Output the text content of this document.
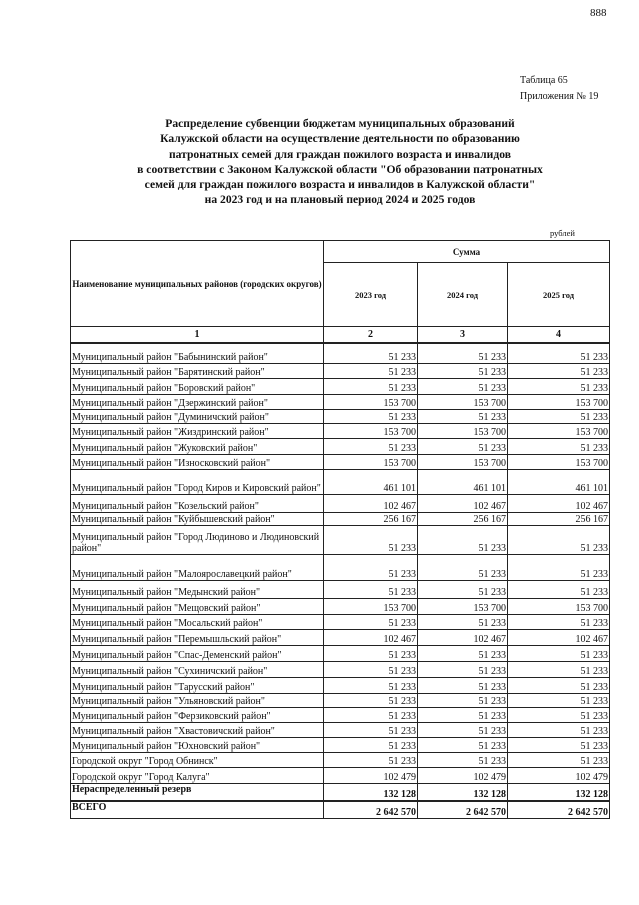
888
Таблица 65
Приложения № 19
Распределение субвенции бюджетам муниципальных образований
Калужской области на осуществление деятельности по образованию
патронатных семей для граждан пожилого возраста и инвалидов
в соответствии с Законом Калужской области "Об образовании патронатных
семей для граждан пожилого возраста и инвалидов в Калужской области"
на 2023 год и на плановый период 2024 и 2025 годов
рублей
Наименование муниципальных районов (городских округов)	Сумма		
	2023 год	2024 год	2025 год
1	2	3	4
Муниципальный район "Бабынинский район"	51 233	51 233	51 233
Муниципальный район "Барятинский район"	51 233	51 233	51 233
Муниципальный район "Боровский район"	51 233	51 233	51 233
Муниципальный район "Дзержинский район"	153 700	153 700	153 700
Муниципальный район "Думиничский район"	51 233	51 233	51 233
Муниципальный район "Жиздринский район"	153 700	153 700	153 700
Муниципальный район "Жуковский район"	51 233	51 233	51 233
Муниципальный район "Износковский район"	153 700	153 700	153 700
Муниципальный район "Город Киров и Кировский район"	461 101	461 101	461 101
Муниципальный район "Козельский район"	102 467	102 467	102 467
Муниципальный район "Куйбышевский район"	256 167	256 167	256 167
Муниципальный район "Город Людиново и Людиновский район"	51 233	51 233	51 233
Муниципальный район "Малоярославецкий район"	51 233	51 233	51 233
Муниципальный район "Медынский район"	51 233	51 233	51 233
Муниципальный район "Мещовский район"	153 700	153 700	153 700
Муниципальный район "Мосальский район"	51 233	51 233	51 233
Муниципальный район "Перемышльский район"	102 467	102 467	102 467
Муниципальный район "Спас-Деменский район"	51 233	51 233	51 233
Муниципальный район "Сухиничский район"	51 233	51 233	51 233
Муниципальный район "Тарусский район"	51 233	51 233	51 233
Муниципальный район "Ульяновский район"	51 233	51 233	51 233
Муниципальный район "Ферзиковский район"	51 233	51 233	51 233
Муниципальный район "Хвастовичский район"	51 233	51 233	51 233
Муниципальный район "Юхновский район"	51 233	51 233	51 233
Городской округ "Город Обнинск"	51 233	51 233	51 233
Городской округ "Город Калуга"	102 479	102 479	102 479
Нераспределенный резерв	132 128	132 128	132 128
ВСЕГО	2 642 570	2 642 570	2 642 570
